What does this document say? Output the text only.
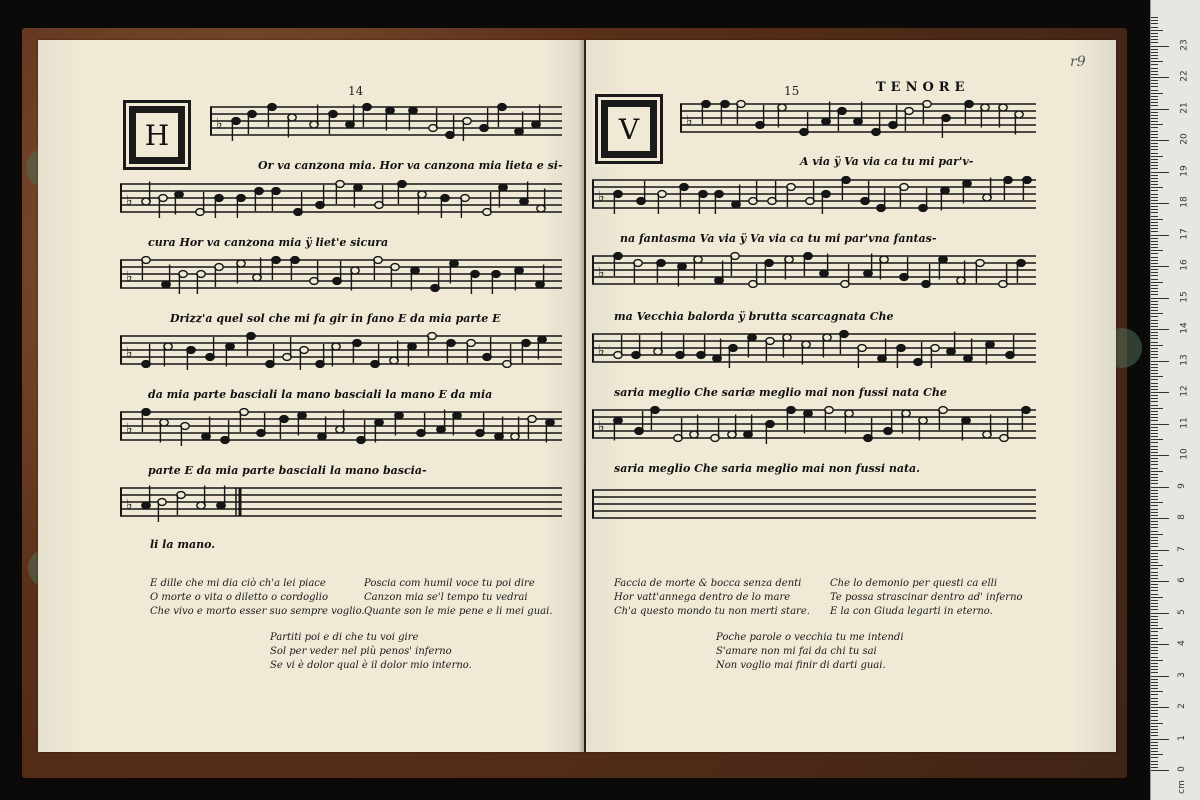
14	15	TENORE
r9
H	V
♭
♭
♭
♭
♭
♭
♭
♭
♭
♭
♭
Or va canzona mia. Hor va canzona mia lieta e si-
cura Hor va canzona mia ÿ liet'e sicura
Drizz'a quel sol che mi fa gir in fano E da mia parte E
da mia parte basciali la mano basciali la mano E da mia
parte E da mia parte basciali la mano bascia-
li la mano.
A via ÿ Va via ca tu mi par'v-
na fantasma Va via ÿ Va via ca tu mi par'vna fantas-
ma Vecchia balorda ÿ brutta scarcagnata Che
saria meglio Che sariæ meglio mai non fussi nata Che
saria meglio Che saria meglio mai non fussi nata.
E dille che mi dia ciò ch'a lei piace
O morte o vita o diletto o cordoglio
Che vivo e morto esser suo sempre voglio.
Poscia com humil voce tu poi dire
Canzon mia se'l tempo tu vedrai
Quante son le mie pene e li mei guai.
Partiti poi e di che tu voi gire
Sol per veder nel più penos' inferno
Se vi è dolor qual è il dolor mio interno.
Faccia de morte & bocca senza denti
Hor vatt'annega dentro de lo mare
Ch'a questo mondo tu non merti stare.
Che lo demonio per questi ca elli
Te possa strascinar dentro ad' inferno
E la con Giuda legarti in eterno.
Poche parole o vecchia tu me intendi
S'amare non mi fai da chi tu sai
Non voglio mai finir di darti guai.
cm
0
1
2
3
4
5
6
7
8
9
10
11
12
13
14
15
16
17
18
19
20
21
22
23
